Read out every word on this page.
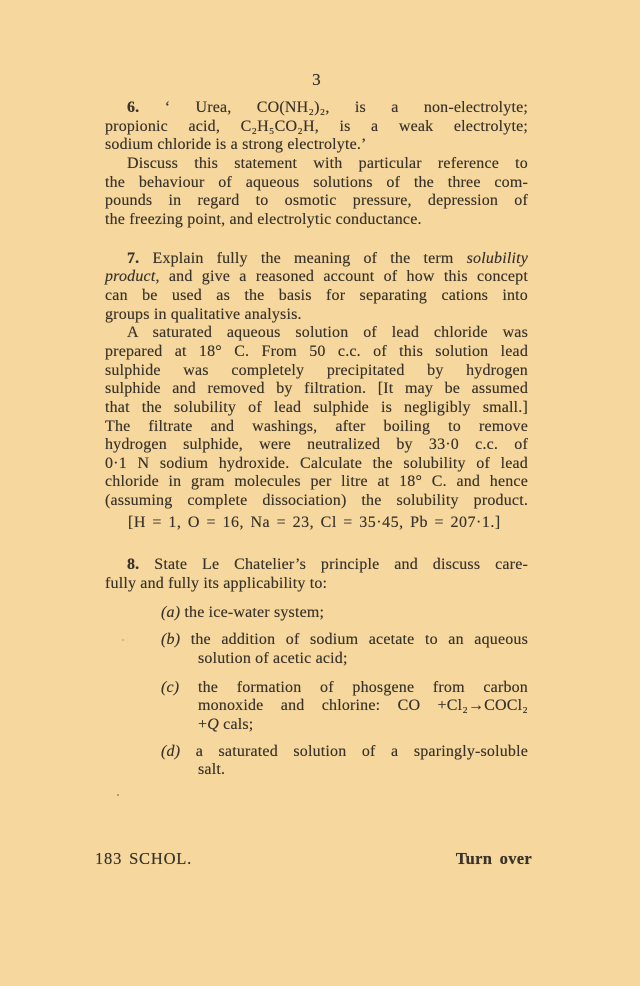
3
6. ‘ Urea, CO(NH₂)₂, is a non-electrolyte;
propionic acid, C₂H₅CO₂H, is a weak electrolyte;
sodium chloride is a strong electrolyte.’
Discuss this statement with particular reference to
the behaviour of aqueous solutions of the three com-
pounds in regard to osmotic pressure, depression of
the freezing point, and electrolytic conductance.
7. Explain fully the meaning of the term solubility
product, and give a reasoned account of how this concept
can be used as the basis for separating cations into
groups in qualitative analysis.
A saturated aqueous solution of lead chloride was
prepared at 18° C. From 50 c.c. of this solution lead
sulphide was completely precipitated by hydrogen
sulphide and removed by filtration. [It may be assumed
that the solubility of lead sulphide is negligibly small.]
The filtrate and washings, after boiling to remove
hydrogen sulphide, were neutralized by 33·0 c.c. of
0·1 N sodium hydroxide. Calculate the solubility of lead
chloride in gram molecules per litre at 18° C. and hence
(assuming complete dissociation) the solubility product.
[H = 1, O = 16, Na = 23, Cl = 35·45, Pb = 207·1.]
8. State Le Chatelier’s principle and discuss care-
fully and fully its applicability to:
(a) the ice-water system;
(b) the addition of sodium acetate to an aqueous
solution of acetic acid;
(c) the formation of phosgene from carbon
monoxide and chlorine: CO +Cl₂→COCl₂
+Q cals;
(d) a saturated solution of a sparingly-soluble
salt.
183 SCHOL.	Turn over
